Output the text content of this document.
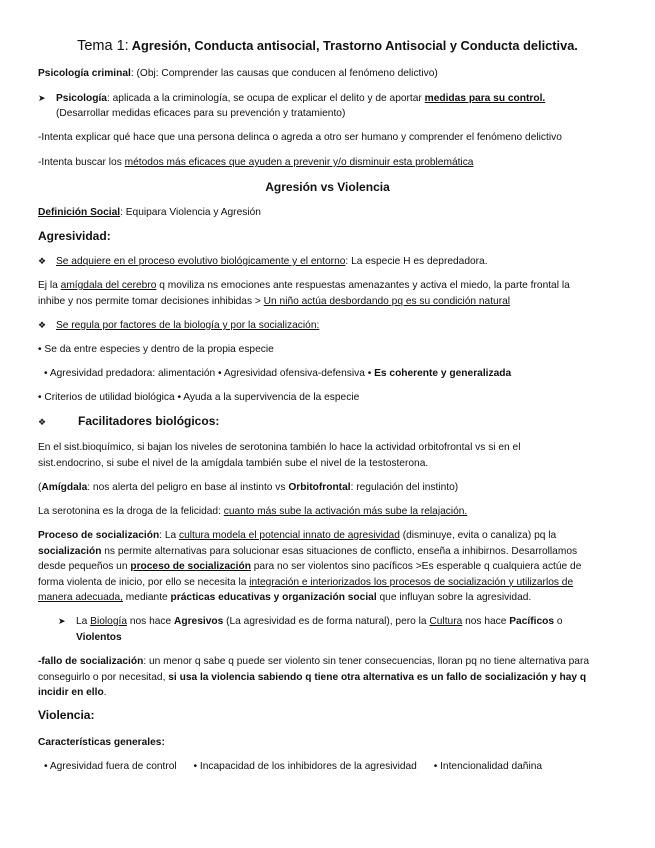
Tema 1: Agresión, Conducta antisocial, Trastorno Antisocial y Conducta delictiva.
Psicología criminal: (Obj: Comprender las causas que conducen al fenómeno delictivo)
➤ Psicología: aplicada a la criminología, se ocupa de explicar el delito y de aportar medidas para su control.
(Desarrollar medidas eficaces para su prevención y tratamiento)
-Intenta explicar qué hace que una persona delinca o agreda a otro ser humano y comprender el fenómeno delictivo
-Intenta buscar los métodos más eficaces que ayuden a prevenir y/o disminuir esta problemática
Agresión vs Violencia
Definición Social: Equipara Violencia y Agresión
Agresividad:
❖ Se adquiere en el proceso evolutivo biológicamente y el entorno: La especie H es depredadora.
Ej la amígdala del cerebro q moviliza ns emociones ante respuestas amenazantes y activa el miedo, la parte frontal la
inhibe y nos permite tomar decisiones inhibidas > Un niño actúa desbordando pq es su condición natural
❖ Se regula por factores de la biología y por la socialización:
• Se da entre especies y dentro de la propia especie
• Agresividad predadora: alimentación • Agresividad ofensiva-defensiva • Es coherente y generalizada
• Criterios de utilidad biológica • Ayuda a la supervivencia de la especie
❖	Facilitadores biológicos:
En el sist.bioquímico, si bajan los niveles de serotonina también lo hace la actividad orbitofrontal vs si en el
sist.endocrino, si sube el nivel de la amígdala también sube el nivel de la testosterona.
(Amígdala: nos alerta del peligro en base al instinto vs Orbitofrontal: regulación del instinto)
La serotonina es la droga de la felicidad: cuanto más sube la activación más sube la relajación.
Proceso de socialización: La cultura modela el potencial innato de agresividad (disminuye, evita o canaliza) pq la
socialización ns permite alternativas para solucionar esas situaciones de conflicto, enseña a inhibirnos. Desarrollamos
desde pequeños un proceso de socialización para no ser violentos sino pacíficos >Es esperable q cualquiera actúe de
forma violenta de inicio, por ello se necesita la integración e interiorizados los procesos de socialización y utilizarlos de
manera adecuada, mediante prácticas educativas y organización social que influyan sobre la agresividad.
➤ La Biología nos hace Agresivos (La agresividad es de forma natural), pero la Cultura nos hace Pacíficos o
Violentos
-fallo de socialización: un menor q sabe q puede ser violento sin tener consecuencias, lloran pq no tiene alternativa para
conseguirlo o por necesitad, si usa la violencia sabiendo q tiene otra alternativa es un fallo de socialización y hay q
incidir en ello.
Violencia:
Características generales:
• Agresividad fuera de control • Incapacidad de los inhibidores de la agresividad • Intencionalidad dañina
